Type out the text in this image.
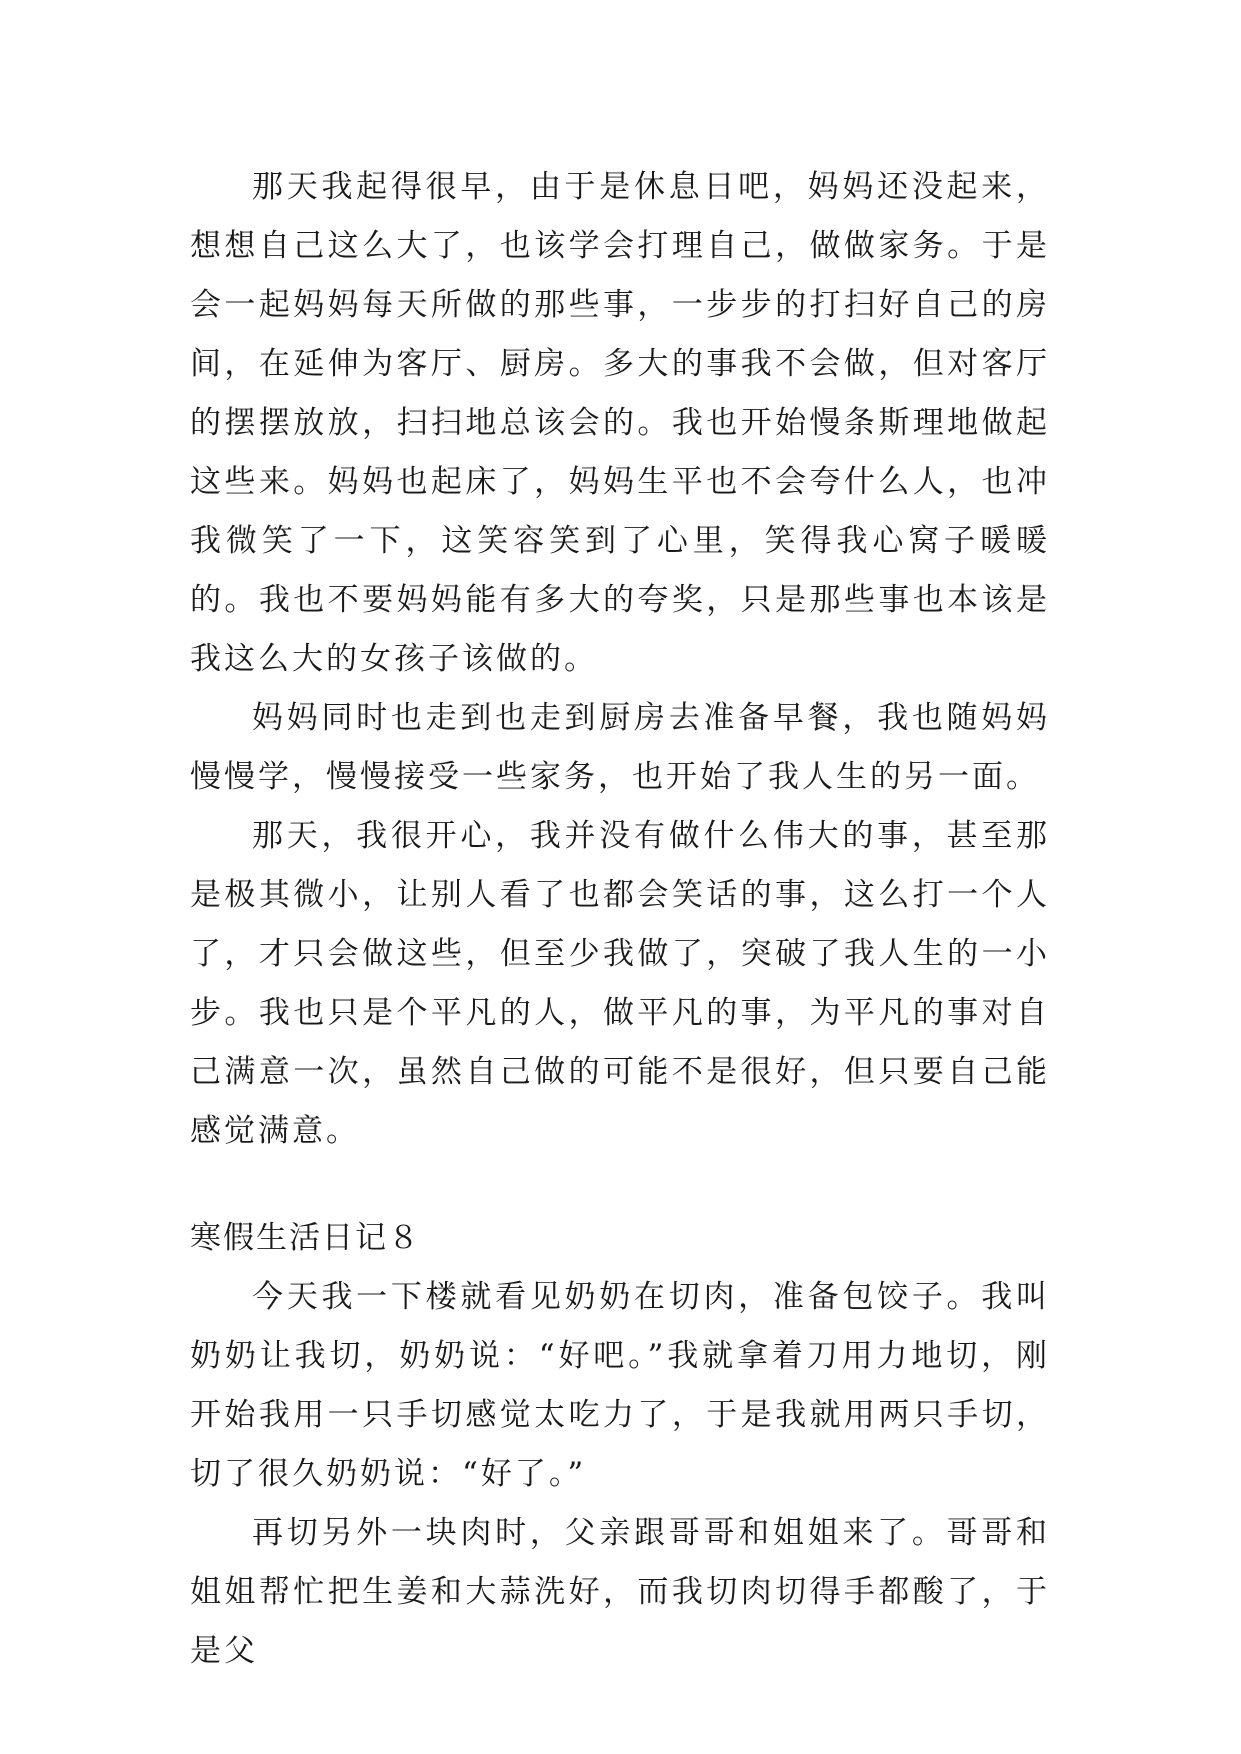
那天我起得很早，由于是休息日吧，妈妈还没起来，想想自己这么大了，也该学会打理自己，做做家务。于是会一起妈妈每天所做的那些事，一步步的打扫好自己的房间，在延伸为客厅、厨房。多大的事我不会做，但对客厅的摆摆放放，扫扫地总该会的。我也开始慢条斯理地做起这些来。妈妈也起床了，妈妈生平也不会夸什么人，也冲我微笑了一下，这笑容笑到了心里，笑得我心窝子暖暖的。我也不要妈妈能有多大的夸奖，只是那些事也本该是我这么大的女孩子该做的。

妈妈同时也走到也走到厨房去准备早餐，我也随妈妈慢慢学，慢慢接受一些家务，也开始了我人生的另一面。

那天，我很开心，我并没有做什么伟大的事，甚至那是极其微小，让别人看了也都会笑话的事，这么打一个人了，才只会做这些，但至少我做了，突破了我人生的一小步。我也只是个平凡的人，做平凡的事，为平凡的事对自己满意一次，虽然自己做的可能不是很好，但只要自己能感觉满意。

寒假生活日记８

今天我一下楼就看见奶奶在切肉，准备包饺子。我叫奶奶让我切，奶奶说：“好吧。”我就拿着刀用力地切，刚开始我用一只手切感觉太吃力了，于是我就用两只手切，切了很久奶奶说：“好了。”

再切另外一块肉时，父亲跟哥哥和姐姐来了。哥哥和姐姐帮忙把生姜和大蒜洗好，而我切肉切得手都酸了，于是父
